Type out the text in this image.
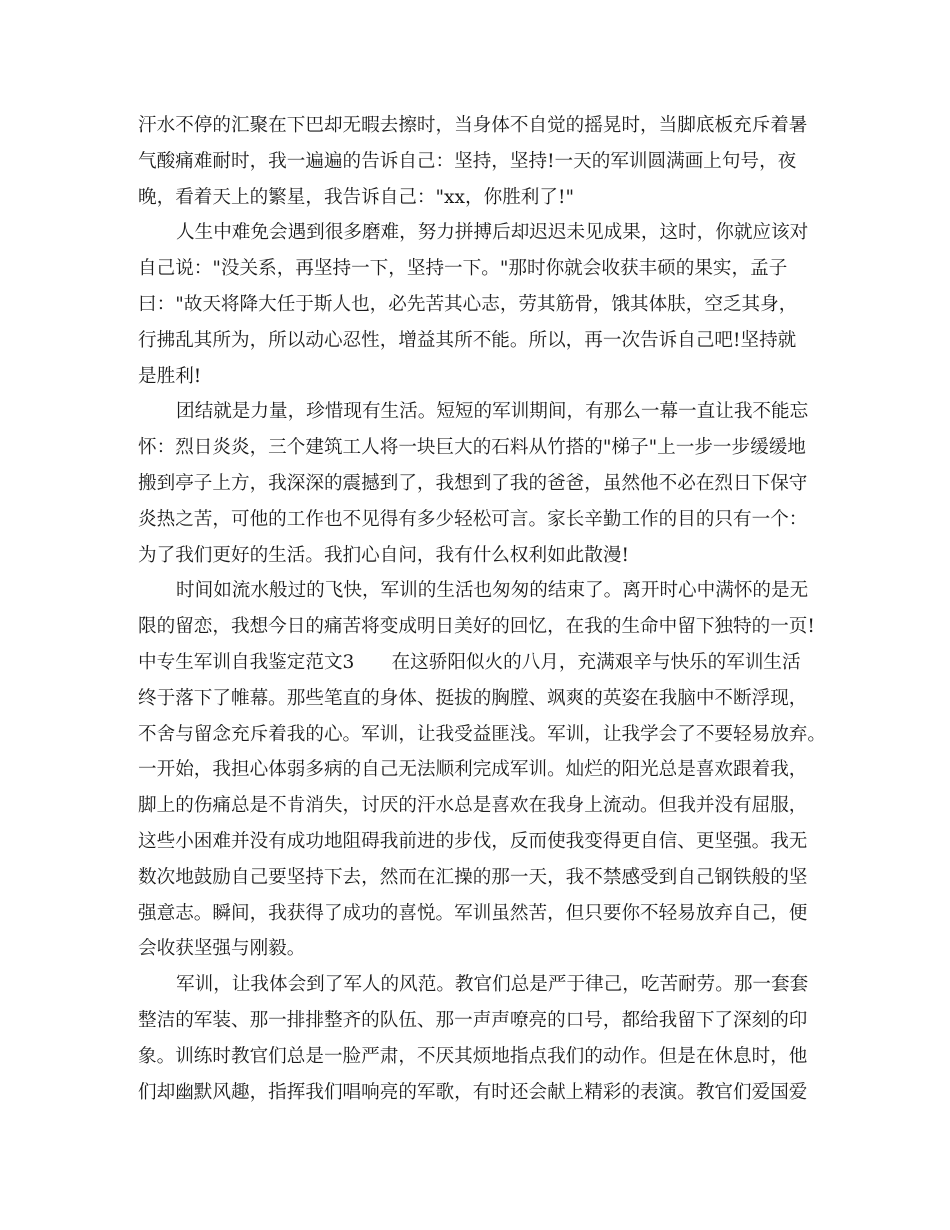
汗水不停的汇聚在下巴却无暇去擦时，当身体不自觉的摇晃时，当脚底板充斥着暑
气酸痛难耐时，我一遍遍的告诉自己：坚持，坚持!一天的军训圆满画上句号，夜
晚，看着天上的繁星，我告诉自己："xx，你胜利了!"
人生中难免会遇到很多磨难，努力拼搏后却迟迟未见成果，这时，你就应该对
自己说："没关系，再坚持一下，坚持一下。"那时你就会收获丰硕的果实，孟子
曰："故天将降大任于斯人也，必先苦其心志，劳其筋骨，饿其体肤，空乏其身，
行拂乱其所为，所以动心忍性，增益其所不能。所以，再一次告诉自己吧!坚持就
是胜利!
团结就是力量，珍惜现有生活。短短的军训期间，有那么一幕一直让我不能忘
怀：烈日炎炎，三个建筑工人将一块巨大的石料从竹搭的"梯子"上一步一步缓缓地
搬到亭子上方，我深深的震撼到了，我想到了我的爸爸，虽然他不必在烈日下保守
炎热之苦，可他的工作也不见得有多少轻松可言。家长辛勤工作的目的只有一个：
为了我们更好的生活。我扪心自问，我有什么权利如此散漫!
时间如流水般过的飞快，军训的生活也匆匆的结束了。离开时心中满怀的是无
限的留恋，我想今日的痛苦将变成明日美好的回忆，在我的生命中留下独特的一页!
中专生军训自我鉴定范文3　　在这骄阳似火的八月，充满艰辛与快乐的军训生活
终于落下了帷幕。那些笔直的身体、挺拔的胸膛、飒爽的英姿在我脑中不断浮现，
不舍与留念充斥着我的心。军训，让我受益匪浅。军训，让我学会了不要轻易放弃。
一开始，我担心体弱多病的自己无法顺利完成军训。灿烂的阳光总是喜欢跟着我，
脚上的伤痛总是不肯消失，讨厌的汗水总是喜欢在我身上流动。但我并没有屈服，
这些小困难并没有成功地阻碍我前进的步伐，反而使我变得更自信、更坚强。我无
数次地鼓励自己要坚持下去，然而在汇操的那一天，我不禁感受到自己钢铁般的坚
强意志。瞬间，我获得了成功的喜悦。军训虽然苦，但只要你不轻易放弃自己，便
会收获坚强与刚毅。
军训，让我体会到了军人的风范。教官们总是严于律己，吃苦耐劳。那一套套
整洁的军装、那一排排整齐的队伍、那一声声嘹亮的口号，都给我留下了深刻的印
象。训练时教官们总是一脸严肃，不厌其烦地指点我们的动作。但是在休息时，他
们却幽默风趣，指挥我们唱响亮的军歌，有时还会献上精彩的表演。教官们爱国爱
